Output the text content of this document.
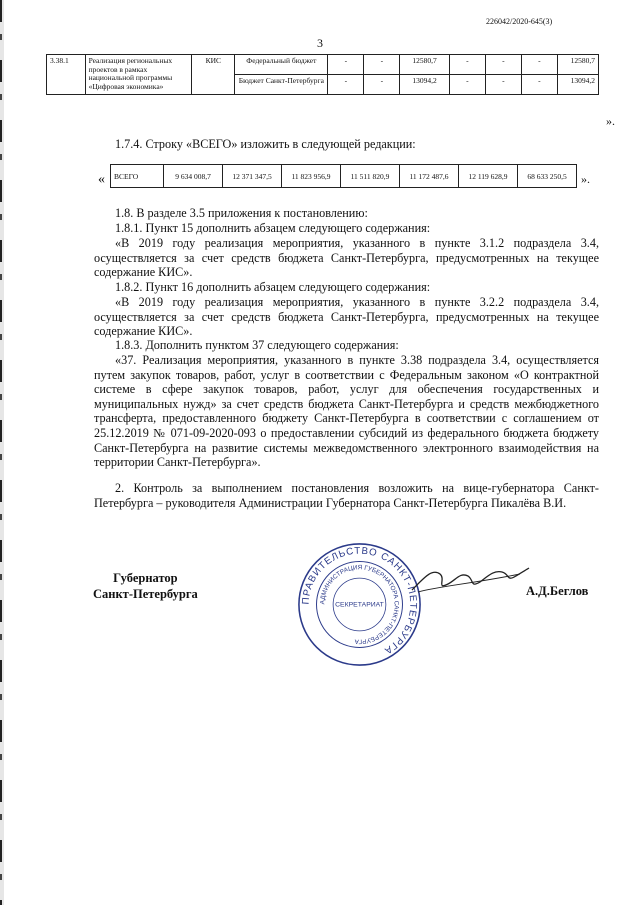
226042/2020-645(3)
3
3.38.1	Реализация региональных проектов в рамках национальной программы «Цифровая экономика»	КИС	Федеральный бюджет	-	-	12580,7	-	-	-	12580,7
			Бюджет Санкт-Петербурга	-	-	13094,2	-	-	-	13094,2
».
1.7.4. Строку «ВСЕГО» изложить в следующей редакции:
« ВСЕГО	9 634 008,7	12 371 347,5	11 823 956,9	11 511 820,9	11 172 487,6	12 119 628,9	68 633 250,5 ».
1.8. В разделе 3.5 приложения к постановлению:
1.8.1. Пункт 15 дополнить абзацем следующего содержания:
«В 2019 году реализация мероприятия, указанного в пункте 3.1.2 подраздела 3.4, осуществляется за счет средств бюджета Санкт-Петербурга, предусмотренных на текущее содержание КИС».
1.8.2. Пункт 16 дополнить абзацем следующего содержания:
«В 2019 году реализация мероприятия, указанного в пункте 3.2.2 подраздела 3.4, осуществляется за счет средств бюджета Санкт-Петербурга, предусмотренных на текущее содержание КИС».
1.8.3. Дополнить пунктом 37 следующего содержания:
«37. Реализация мероприятия, указанного в пункте 3.38 подраздела 3.4, осуществляется путем закупок товаров, работ, услуг в соответствии с Федеральным законом «О контрактной системе в сфере закупок товаров, работ, услуг для обеспечения государственных и муниципальных нужд» за счет средств бюджета Санкт-Петербурга и средств межбюджетного трансферта, предоставленного бюджету Санкт-Петербурга в соответствии с соглашением от 25.12.2019 № 071-09-2020-093 о предоставлении субсидий из федерального бюджета бюджету Санкт-Петербурга на развитие системы межведомственного электронного взаимодействия на территории Санкт-Петербурга».
2. Контроль за выполнением постановления возложить на вице-губернатора Санкт-Петербурга – руководителя Администрации Губернатора Санкт-Петербурга Пикалёва В.И.
Губернатор
Санкт-Петербурга	ПРАВИТЕЛЬСТВО САНКТ-ПЕТЕРБУРГА
АДМИНИСТРАЦИЯ ГУБЕРНАТОРА САНКТ-ПЕТЕРБУРГА
СЕКРЕТАРИАТ
А.Д.Беглов
